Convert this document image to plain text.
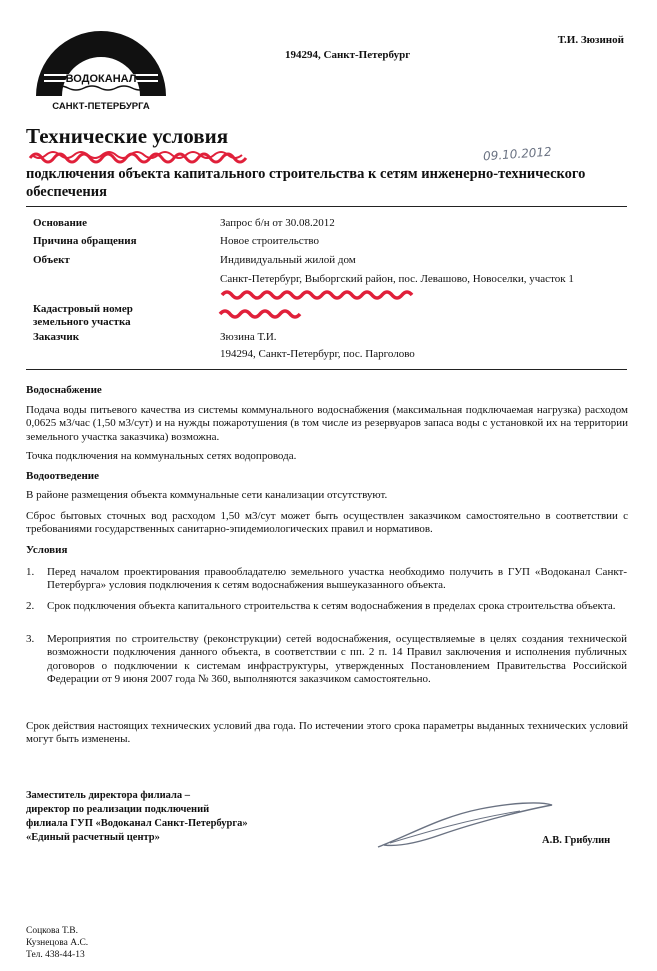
ВОДОКАНАЛ
САНКТ-ПЕТЕРБУРГА
Т.И. Зюзиной
194294, Санкт-Петербург
Технические условия
09.10.2012
подключения объекта капитального строительства к сетям инженерно-технического обеспечения
Основание	Запрос б/н от 30.08.2012
Причина обращения	Новое строительство
Объект	Индивидуальный жилой дом
Санкт-Петербург, Выборгский район, пос. Левашово, Новоселки, участок 1
Кадастровый номер земельного участка
Заказчик	Зюзина Т.И.
194294, Санкт-Петербург, пос. Парголово
Водоснабжение
Подача воды питьевого качества из системы коммунального водоснабжения (максимальная подключаемая нагрузка) расходом 0,0625 м3/час (1,50 м3/сут) и на нужды пожаротушения (в том числе из резервуаров запаса воды с установкой их на территории земельного участка заказчика) возможна.
Точка подключения на коммунальных сетях водопровода.
Водоотведение
В районе размещения объекта коммунальные сети канализации отсутствуют.
Сброс бытовых сточных вод расходом 1,50 м3/сут может быть осуществлен заказчиком самостоятельно в соответствии с требованиями государственных санитарно-эпидемиологических правил и нормативов.
Условия
1. Перед началом проектирования правообладателю земельного участка необходимо получить в ГУП «Водоканал Санкт-Петербурга» условия подключения к сетям водоснабжения вышеуказанного объекта.
2. Срок подключения объекта капитального строительства к сетям водоснабжения в пределах срока строительства объекта.
3. Мероприятия по строительству (реконструкции) сетей водоснабжения, осуществляемые в целях создания технической возможности подключения данного объекта, в соответствии с пп. 2 п. 14 Правил заключения и исполнения публичных договоров о подключении к системам инфраструктуры, утвержденных Постановлением Правительства Российской Федерации от 9 июня 2007 года № 360, выполняются заказчиком самостоятельно.
Срок действия настоящих технических условий два года. По истечении этого срока параметры выданных технических условий могут быть изменены.
Заместитель директора филиала –
директор по реализации подключений
филиала ГУП «Водоканал Санкт-Петербурга»
«Единый расчетный центр»	А.В. Грибулин
Соцкова Т.В.
Кузнецова А.С.
Тел. 438-44-13
